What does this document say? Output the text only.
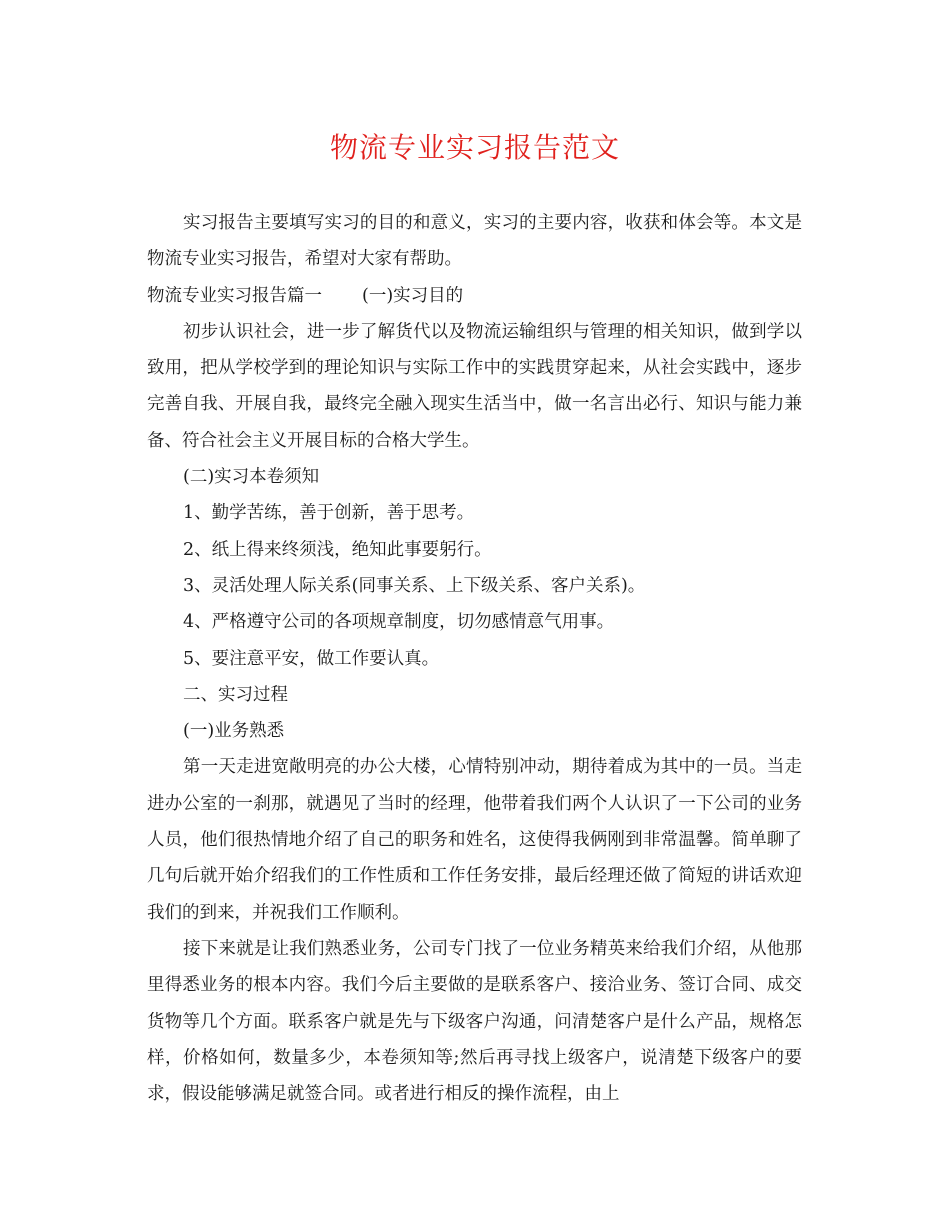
物流专业实习报告范文

实习报告主要填写实习的目的和意义，实习的主要内容，收获和体会等。本文是物流专业实习报告，希望对大家有帮助。

物流专业实习报告篇一 (一)实习目的

初步认识社会，进一步了解货代以及物流运输组织与管理的相关知识，做到学以致用，把从学校学到的理论知识与实际工作中的实践贯穿起来，从社会实践中，逐步完善自我、开展自我，最终完全融入现实生活当中，做一名言出必行、知识与能力兼备、符合社会主义开展目标的合格大学生。

(二)实习本卷须知

1、勤学苦练，善于创新，善于思考。

2、纸上得来终须浅，绝知此事要躬行。

3、灵活处理人际关系(同事关系、上下级关系、客户关系)。

4、严格遵守公司的各项规章制度，切勿感情意气用事。

5、要注意平安，做工作要认真。

二、实习过程

(一)业务熟悉

第一天走进宽敞明亮的办公大楼，心情特别冲动，期待着成为其中的一员。当走进办公室的一刹那，就遇见了当时的经理，他带着我们两个人认识了一下公司的业务人员，他们很热情地介绍了自己的职务和姓名，这使得我俩刚到非常温馨。简单聊了几句后就开始介绍我们的工作性质和工作任务安排，最后经理还做了简短的讲话欢迎我们的到来，并祝我们工作顺利。

接下来就是让我们熟悉业务，公司专门找了一位业务精英来给我们介绍，从他那里得悉业务的根本内容。我们今后主要做的是联系客户、接洽业务、签订合同、成交货物等几个方面。联系客户就是先与下级客户沟通，问清楚客户是什么产品，规格怎样，价格如何，数量多少，本卷须知等;然后再寻找上级客户，说清楚下级客户的要求，假设能够满足就签合同。或者进行相反的操作流程，由上
